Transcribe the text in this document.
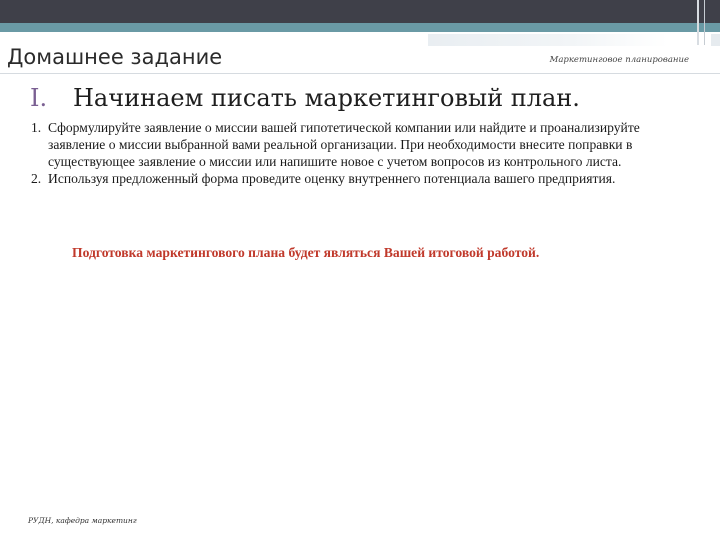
Домашнее задание	Маркетинговое планирование
I. Начинаем писать маркетинговый план.
1. Сформулируйте заявление о миссии вашей гипотетической компании или найдите и проанализируйте заявление о миссии выбранной вами реальной организации. При необходимости внесите поправки в существующее заявление о миссии или напишите новое с учетом вопросов из контрольного листа.
2. Используя предложенный форма проведите оценку внутреннего потенциала вашего предприятия.

Подготовка маркетингового плана будет являться Вашей итоговой работой.

РУДН, кафедра маркетинг
